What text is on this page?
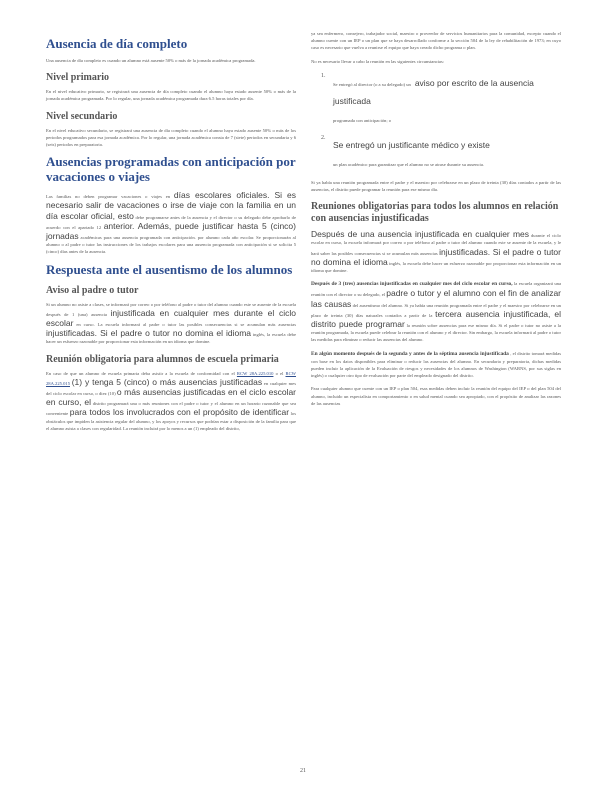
Ausencia de día completo

Una ausencia de día completo es cuando un alumno está ausente 50% o más de la jornada académica programada.

Nivel primario

En el nivel educativo primario, se registrará una ausencia de día completo cuando el alumno haya estado ausente 50% o más de la jornada académica programada. Por lo regular, una jornada académica programada dura 6.5 horas totales por día.

Nivel secundario

En el nivel educativo secundario, se registrará una ausencia de día completo cuando el alumno haya estado ausente 50% o más de los periodos programados para esa jornada académica. Por lo regular, una jornada académica consta de 7 (siete) periodos en secundaria y 6 (seis) periodos en preparatoria.

Ausencias programadas con anticipación por vacaciones o viajes

Las familias no deben programar vacaciones o viajes en días escolares oficiales. Si es necesario salir de vacaciones o irse de viaje con la familia en un día escolar oficial, esto debe programarse antes de la ausencia y el director o su delegado debe aprobarlo de acuerdo con el apartado 12 anterior. Además, puede justificar hasta 5 (cinco) jornadas académicas para una ausencia programada con anticipación. por alumno cada año escolar. Se proporcionarán al alumno o al padre o tutor las instrucciones de los trabajos escolares para una ausencia programada con anticipación si se solicita 5 (cinco) días antes de la ausencia.

Respuesta ante el ausentismo de los alumnos
Aviso al padre o tutor

Si un alumno no asiste a clases, se informará por correo o por teléfono al padre o tutor del alumno cuando este se ausente de la escuela después de 1 (una) ausencia injustificada en cualquier mes durante el ciclo escolar en curso. La escuela informará al padre o tutor las posibles consecuencias si se acumulan más ausencias injustificadas. Si el padre o tutor no domina el idioma inglés, la escuela debe hacer un esfuerzo razonable por proporcionar esta información en un idioma que domine.

Reunión obligatoria para alumnos de escuela primaria

En caso de que un alumno de escuela primaria deba asistir a la escuela de conformidad con el RCW 28A.225.010 o el RCW 28A.225.015 (1) y tenga 5 (cinco) o más ausencias justificadas en cualquier mes del ciclo escolar en curso, o diez (10) o más ausencias justificadas en el ciclo escolar en curso, el distrito programará una o más reuniones con el padre o tutor y el alumno en un horario razonable que sea conveniente para todos los involucrados con el propósito de identificar los obstáculos que impiden la asistencia regular del alumno, y los apoyos y recursos que podrían estar a disposición de la familia para que el alumno asista a clases con regularidad. La reunión incluirá por lo menos a un (1) empleado del distrito,

ya sea enfermero, consejero, trabajador social, maestro o proveedor de servicios humanitarios para la comunidad, excepto cuando el alumno cuente con un IEP o un plan que se haya desarrollado conforme a la sección 504 de la ley de rehabilitación de 1973; en cuyo caso es necesario que vuelva a reunirse el equipo que haya creado dicho programa o plan.

No es necesario llevar a cabo la reunión en las siguientes circunstancias:

1.
Se entregó al director (o a su delegado) un aviso por escrito de la ausencia justificada
programada con anticipación; o
2.
Se entregó un justificante médico y existe
un plan académico para garantizar que el alumno no se atrase durante su ausencia.

Si ya había una reunión programada entre el padre y el maestro por celebrarse en un plazo de treinta (30) días contados a partir de las ausencias, el distrito puede programar la reunión para ese mismo día.

Reuniones obligatorias para todos los alumnos en relación con ausencias injustificadas

Después de una ausencia injustificada en cualquier mes durante el ciclo escolar en curso, la escuela informará por correo o por teléfono al padre o tutor del alumno cuando este se ausente de la escuela, y le hará saber las posibles consecuencias si se acumulan más ausencias injustificadas. Si el padre o tutor no domina el idioma inglés, la escuela debe hacer un esfuerzo razonable por proporcionar esta información en un idioma que domine.

Después de 3 (tres) ausencias injustificadas en cualquier mes del ciclo escolar en curso, la escuela organizará una reunión con el director o su delegado, el padre o tutor y el alumno con el fin de analizar las causas del ausentismo del alumno. Si ya había una reunión programada entre el padre y el maestro por celebrarse en un plazo de treinta (30) días naturales contados a partir de la tercera ausencia injustificada, el distrito puede programar la reunión sobre ausencias para ese mismo día. Si el padre o tutor no asiste a la reunión programada, la escuela puede celebrar la reunión con el alumno y el director. Sin embargo, la escuela informará al padre o tutor las medidas para eliminar o reducir las ausencias del alumno.

En algún momento después de la segunda y antes de la séptima ausencia injustificada , el distrito tomará medidas con base en los datos disponibles para eliminar o reducir las ausencias del alumno. En secundaria y preparatoria, dichas medidas pueden incluir la aplicación de la Evaluación de riesgos y necesidades de los alumnos de Washington (WARNS, por sus siglas en inglés) o cualquier otro tipo de evaluación por parte del empleado designado del distrito.

Para cualquier alumno que cuente con un IEP o plan 504, esas medidas deben incluir la reunión del equipo del IEP o del plan 504 del alumno, incluido un especialista en comportamiento o en salud mental cuando sea apropiado, con el propósito de analizar las razones de las ausencias

21
